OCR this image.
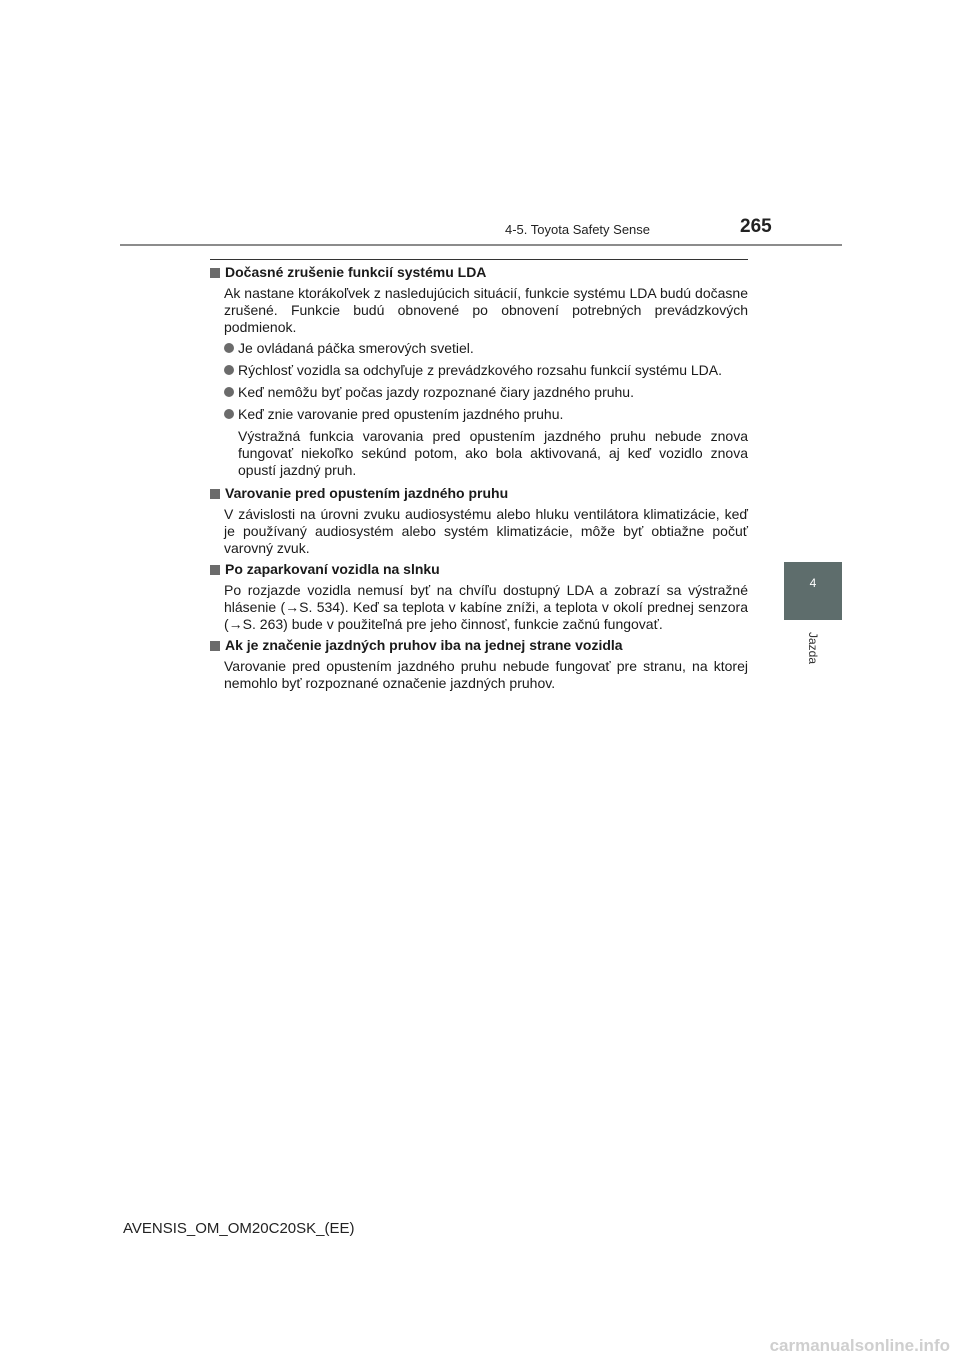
4-5. Toyota Safety Sense	265
4
Jazda
Dočasné zrušenie funkcií systému LDA
Ak nastane ktorákoľvek z nasledujúcich situácií, funkcie systému LDA budú dočasne zrušené. Funkcie budú obnovené po obnovení potrebných prevádzkových podmienok.
Je ovládaná páčka smerových svetiel.
Rýchlosť vozidla sa odchyľuje z prevádzkového rozsahu funkcií systému LDA.
Keď nemôžu byť počas jazdy rozpoznané čiary jazdného pruhu.
Keď znie varovanie pred opustením jazdného pruhu.
Výstražná funkcia varovania pred opustením jazdného pruhu nebude znova fungovať niekoľko sekúnd potom, ako bola aktivovaná, aj keď vozidlo znova opustí jazdný pruh.
Varovanie pred opustením jazdného pruhu
V závislosti na úrovni zvuku audiosystému alebo hluku ventilátora klimatizácie, keď je používaný audiosystém alebo systém klimatizácie, môže byť obtiažne počuť varovný zvuk.
Po zaparkovaní vozidla na slnku
Po rozjazde vozidla nemusí byť na chvíľu dostupný LDA a zobrazí sa výstražné hlásenie (→S. 534). Keď sa teplota v kabíne zníži, a teplota v okolí prednej senzora (→S. 263) bude v použiteľná pre jeho činnosť, funkcie začnú fungovať.
Ak je značenie jazdných pruhov iba na jednej strane vozidla
Varovanie pred opustením jazdného pruhu nebude fungovať pre stranu, na ktorej nemohlo byť rozpoznané označenie jazdných pruhov.
AVENSIS_OM_OM20C20SK_(EE)
carmanualsonline.info
